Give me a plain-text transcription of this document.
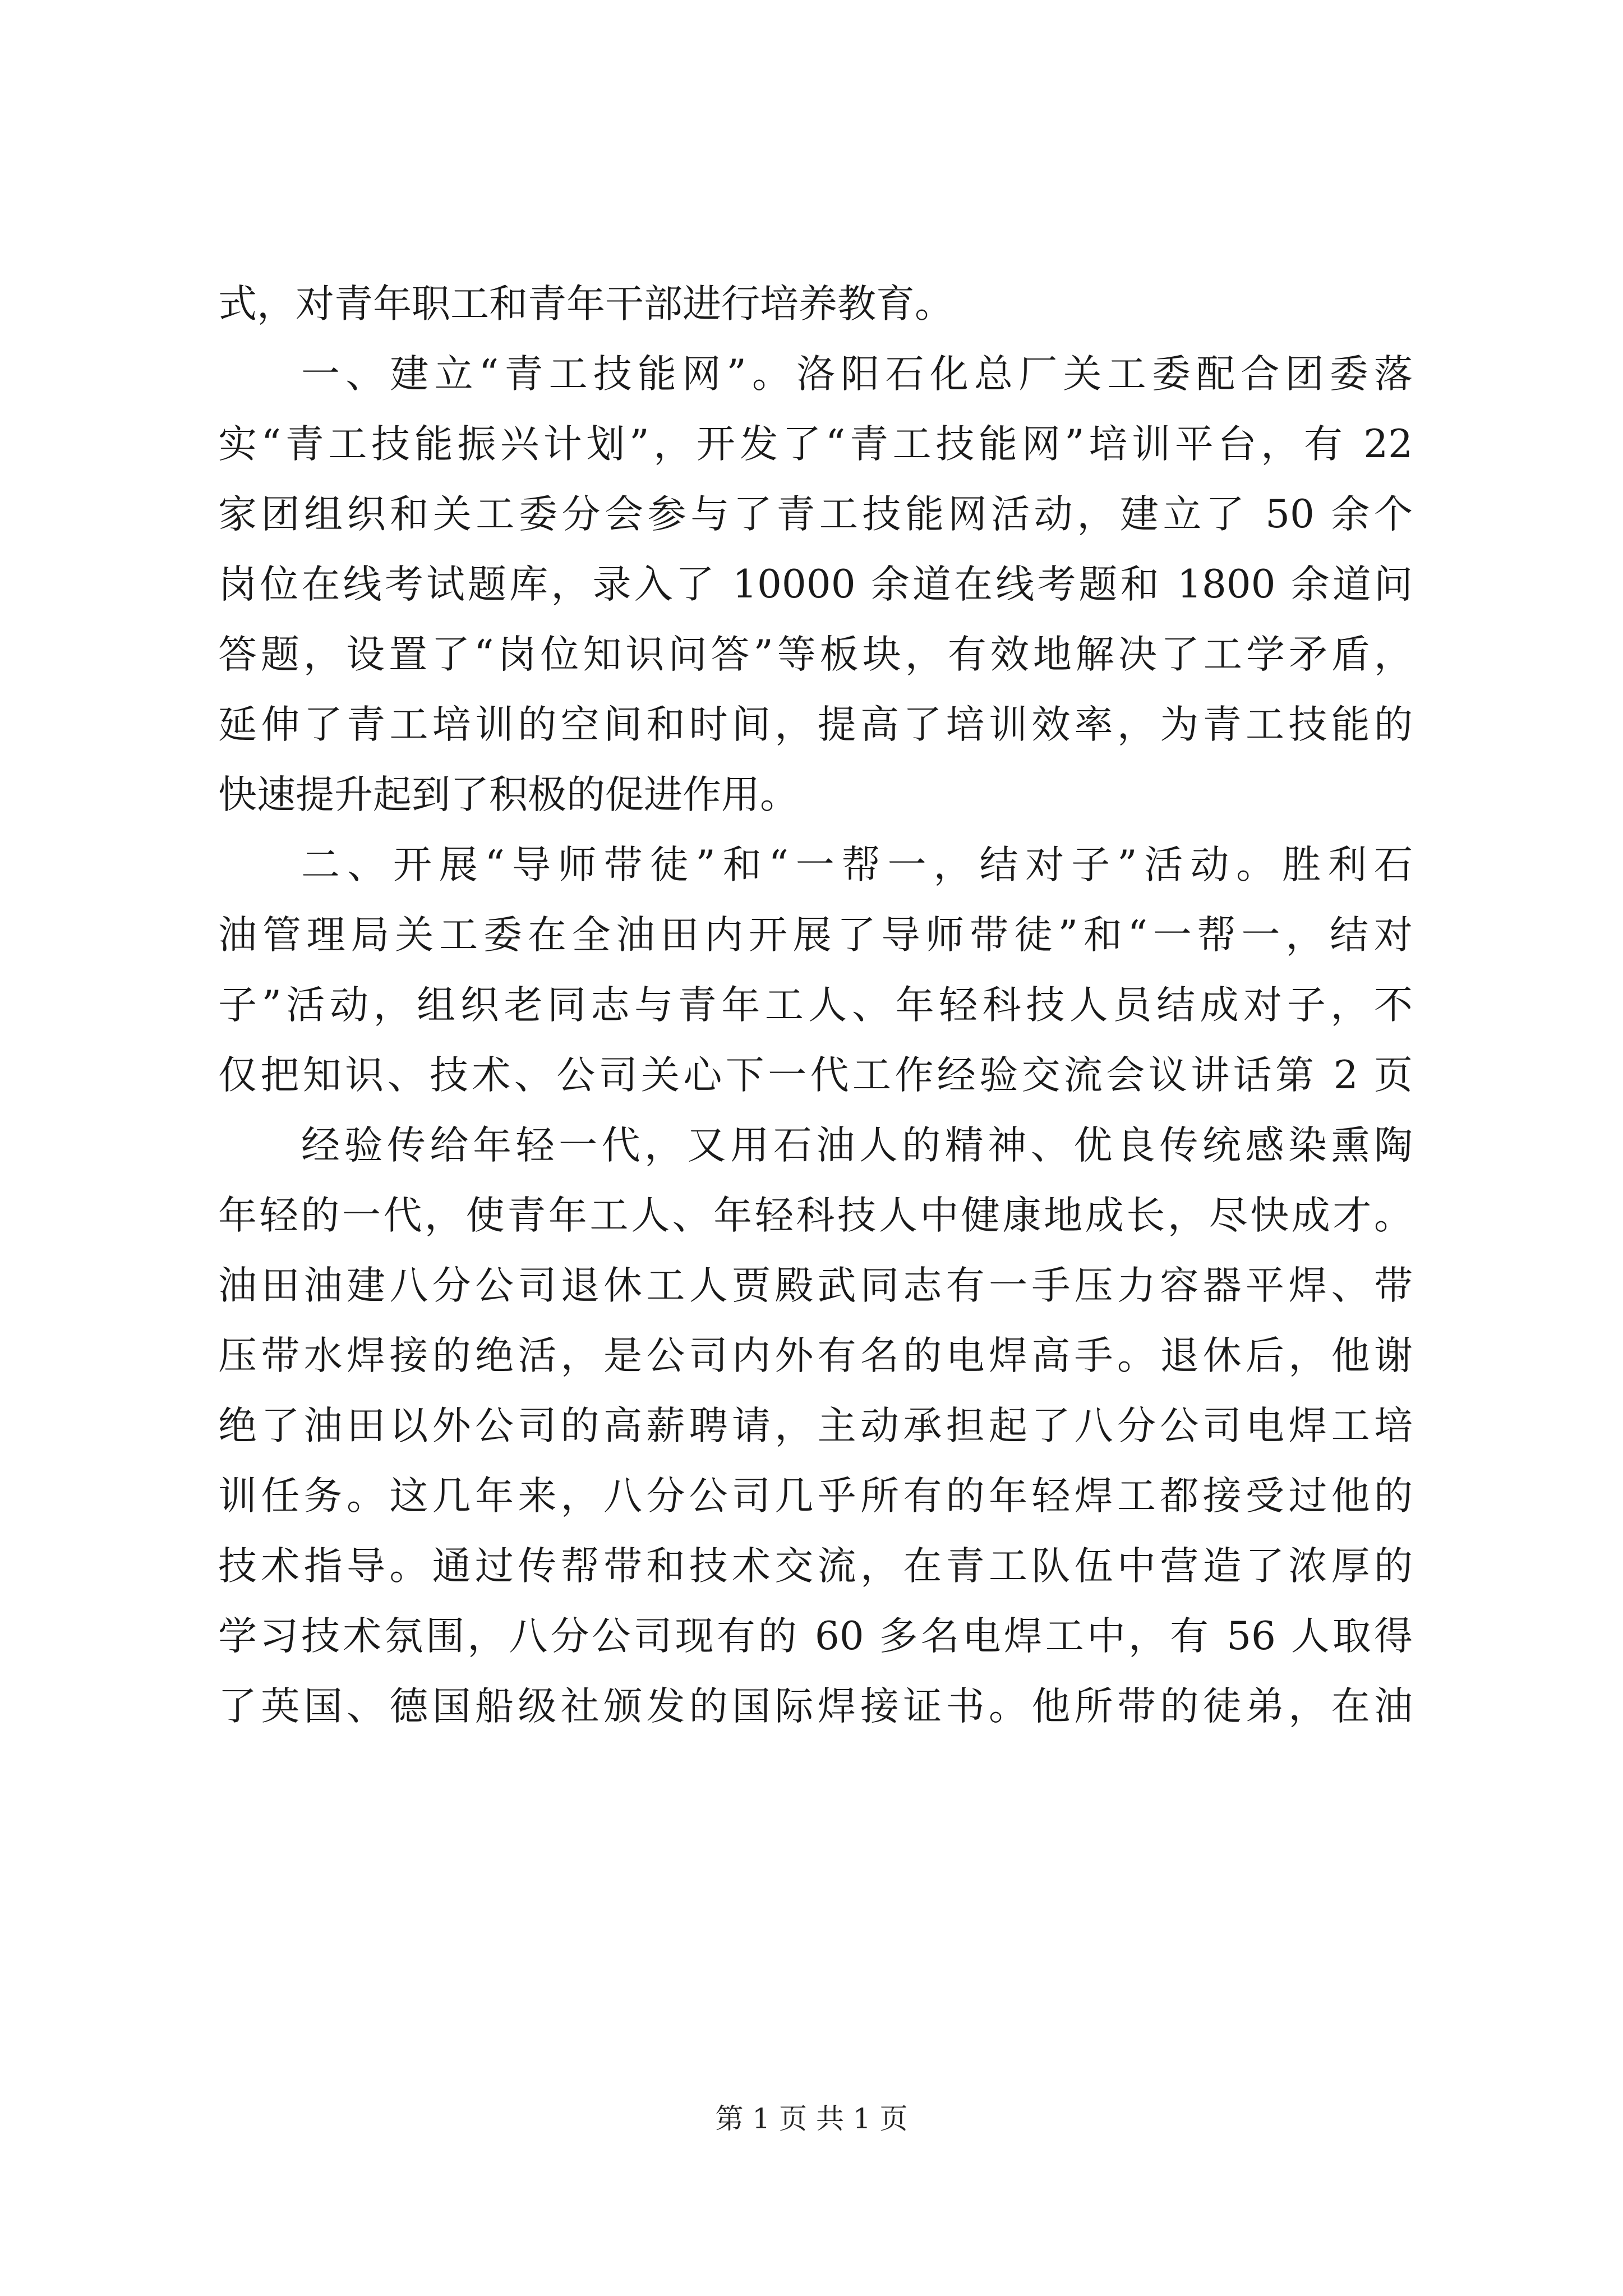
式，对青年职工和青年干部进行培养教育。
一、建立“青工技能网”。洛阳石化总厂关工委配合团委落
实“青工技能振兴计划”，开发了“青工技能网”培训平台，有 22
家团组织和关工委分会参与了青工技能网活动，建立了 50 余个
岗位在线考试题库，录入了 10000 余道在线考题和 1800 余道问
答题，设置了“岗位知识问答”等板块，有效地解决了工学矛盾，
延伸了青工培训的空间和时间，提高了培训效率，为青工技能的
快速提升起到了积极的促进作用。
二、开展“导师带徒”和“一帮一，结对子”活动。胜利石
油管理局关工委在全油田内开展了导师带徒”和“一帮一，结对
子”活动，组织老同志与青年工人、年轻科技人员结成对子，不
仅把知识、技术、公司关心下一代工作经验交流会议讲话第 2 页
经验传给年轻一代，又用石油人的精神、优良传统感染熏陶
年轻的一代，使青年工人、年轻科技人中健康地成长，尽快成才。
油田油建八分公司退休工人贾殿武同志有一手压力容器平焊、带
压带水焊接的绝活，是公司内外有名的电焊高手。退休后，他谢
绝了油田以外公司的高薪聘请，主动承担起了八分公司电焊工培
训任务。这几年来，八分公司几乎所有的年轻焊工都接受过他的
技术指导。通过传帮带和技术交流，在青工队伍中营造了浓厚的
学习技术氛围，八分公司现有的 60 多名电焊工中，有 56 人取得
了英国、德国船级社颁发的国际焊接证书。他所带的徒弟，在油
第 1 页 共 1 页
